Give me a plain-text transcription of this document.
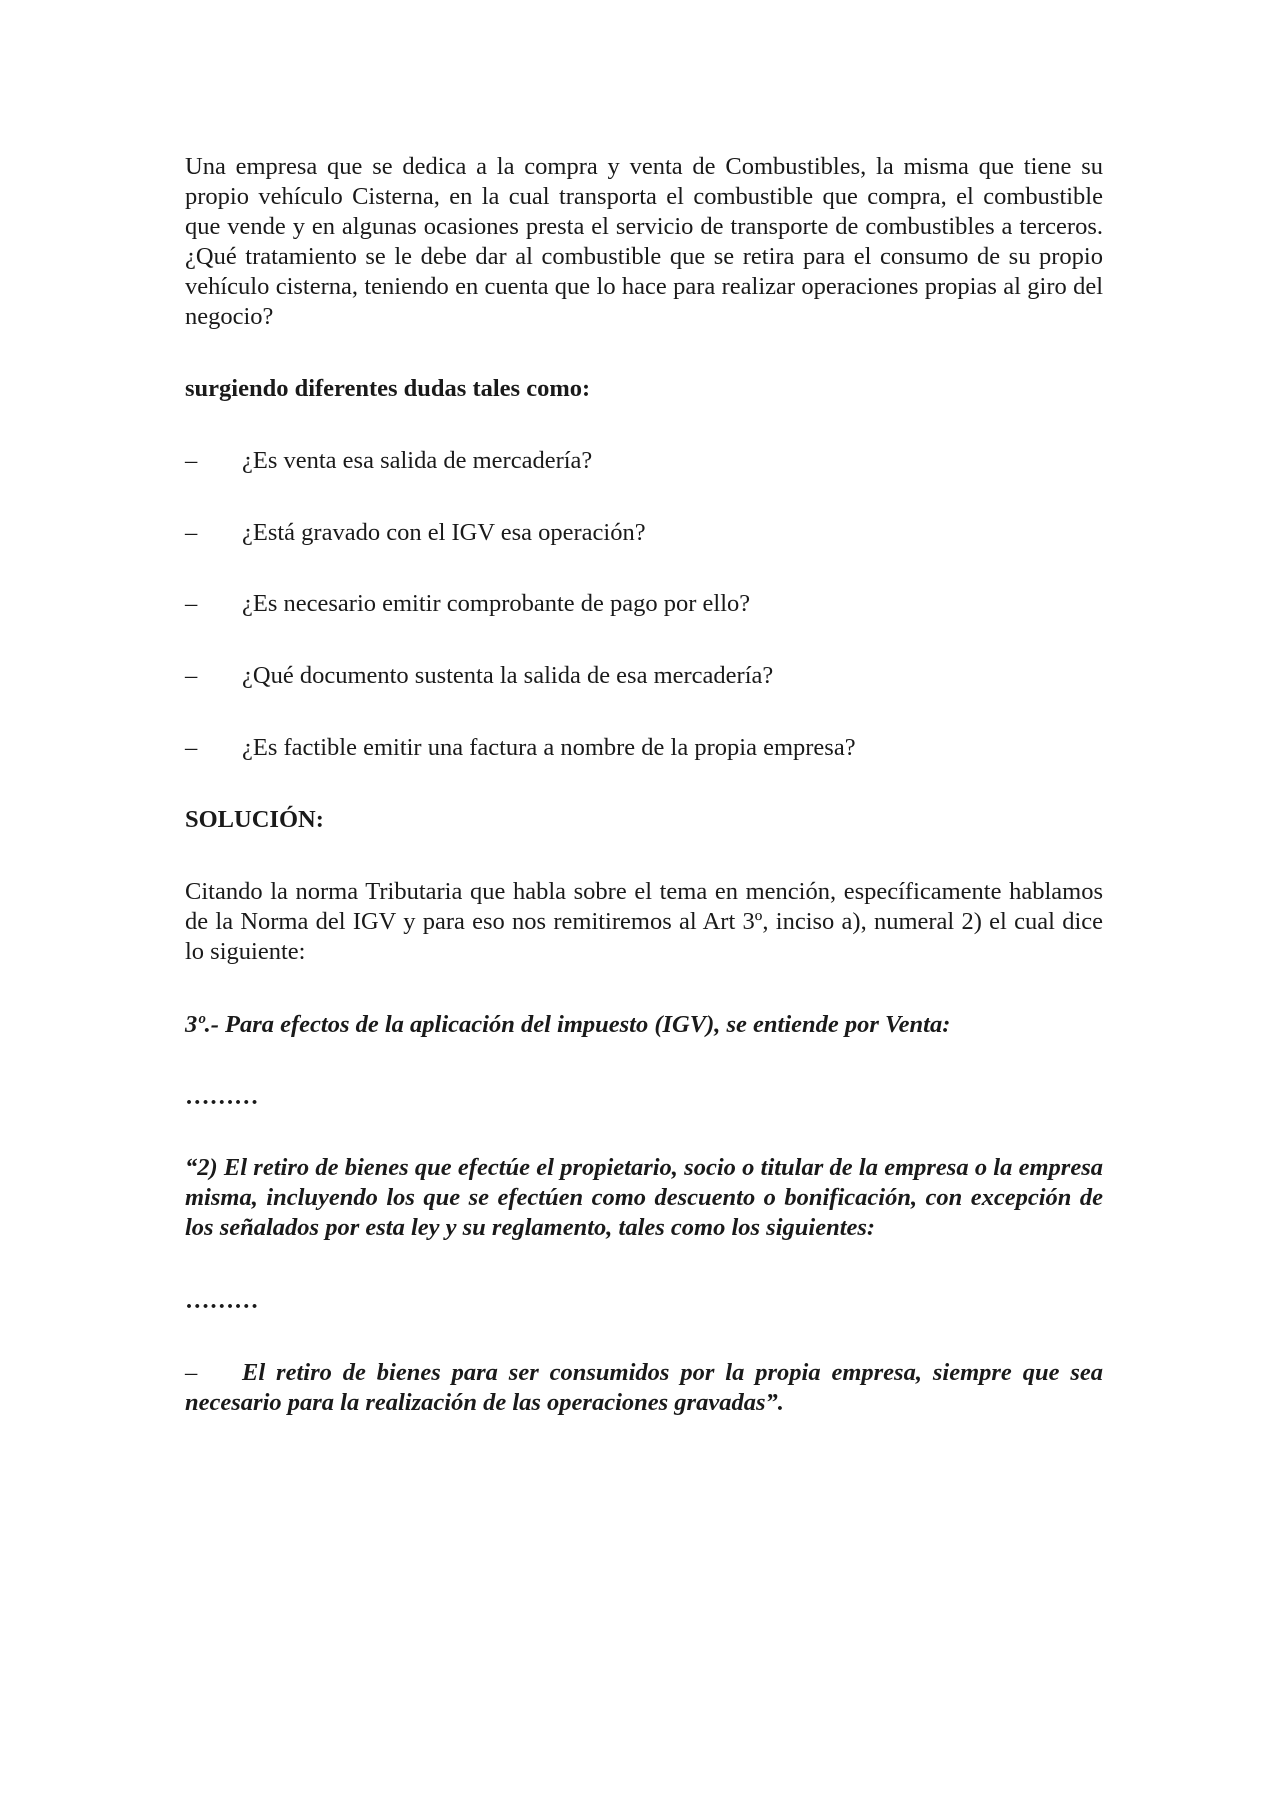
Una empresa que se dedica a la compra y venta de Combustibles, la misma que tiene su propio vehículo Cisterna, en la cual transporta el combustible que compra, el combustible que vende y en algunas ocasiones presta el servicio de transporte de combustibles a terceros. ¿Qué tratamiento se le debe dar al combustible que se retira para el consumo de su propio vehículo cisterna, teniendo en cuenta que lo hace para realizar operaciones propias al giro del negocio?

surgiendo diferentes dudas tales como:

– ¿Es venta esa salida de mercadería?
– ¿Está gravado con el IGV esa operación?
– ¿Es necesario emitir comprobante de pago por ello?
– ¿Qué documento sustenta la salida de esa mercadería?
– ¿Es factible emitir una factura a nombre de la propia empresa?

SOLUCIÓN:

Citando la norma Tributaria que habla sobre el tema en mención, específicamente hablamos de la Norma del IGV y para eso nos remitiremos al Art 3º, inciso a), numeral 2) el cual dice lo siguiente:

3º.- Para efectos de la aplicación del impuesto (IGV), se entiende por Venta:

………

“2) El retiro de bienes que efectúe el propietario, socio o titular de la empresa o la empresa misma, incluyendo los que se efectúen como descuento o bonificación, con excepción de los señalados por esta ley y su reglamento, tales como los siguientes:

………

– El retiro de bienes para ser consumidos por la propia empresa, siempre que sea necesario para la realización de las operaciones gravadas”.
